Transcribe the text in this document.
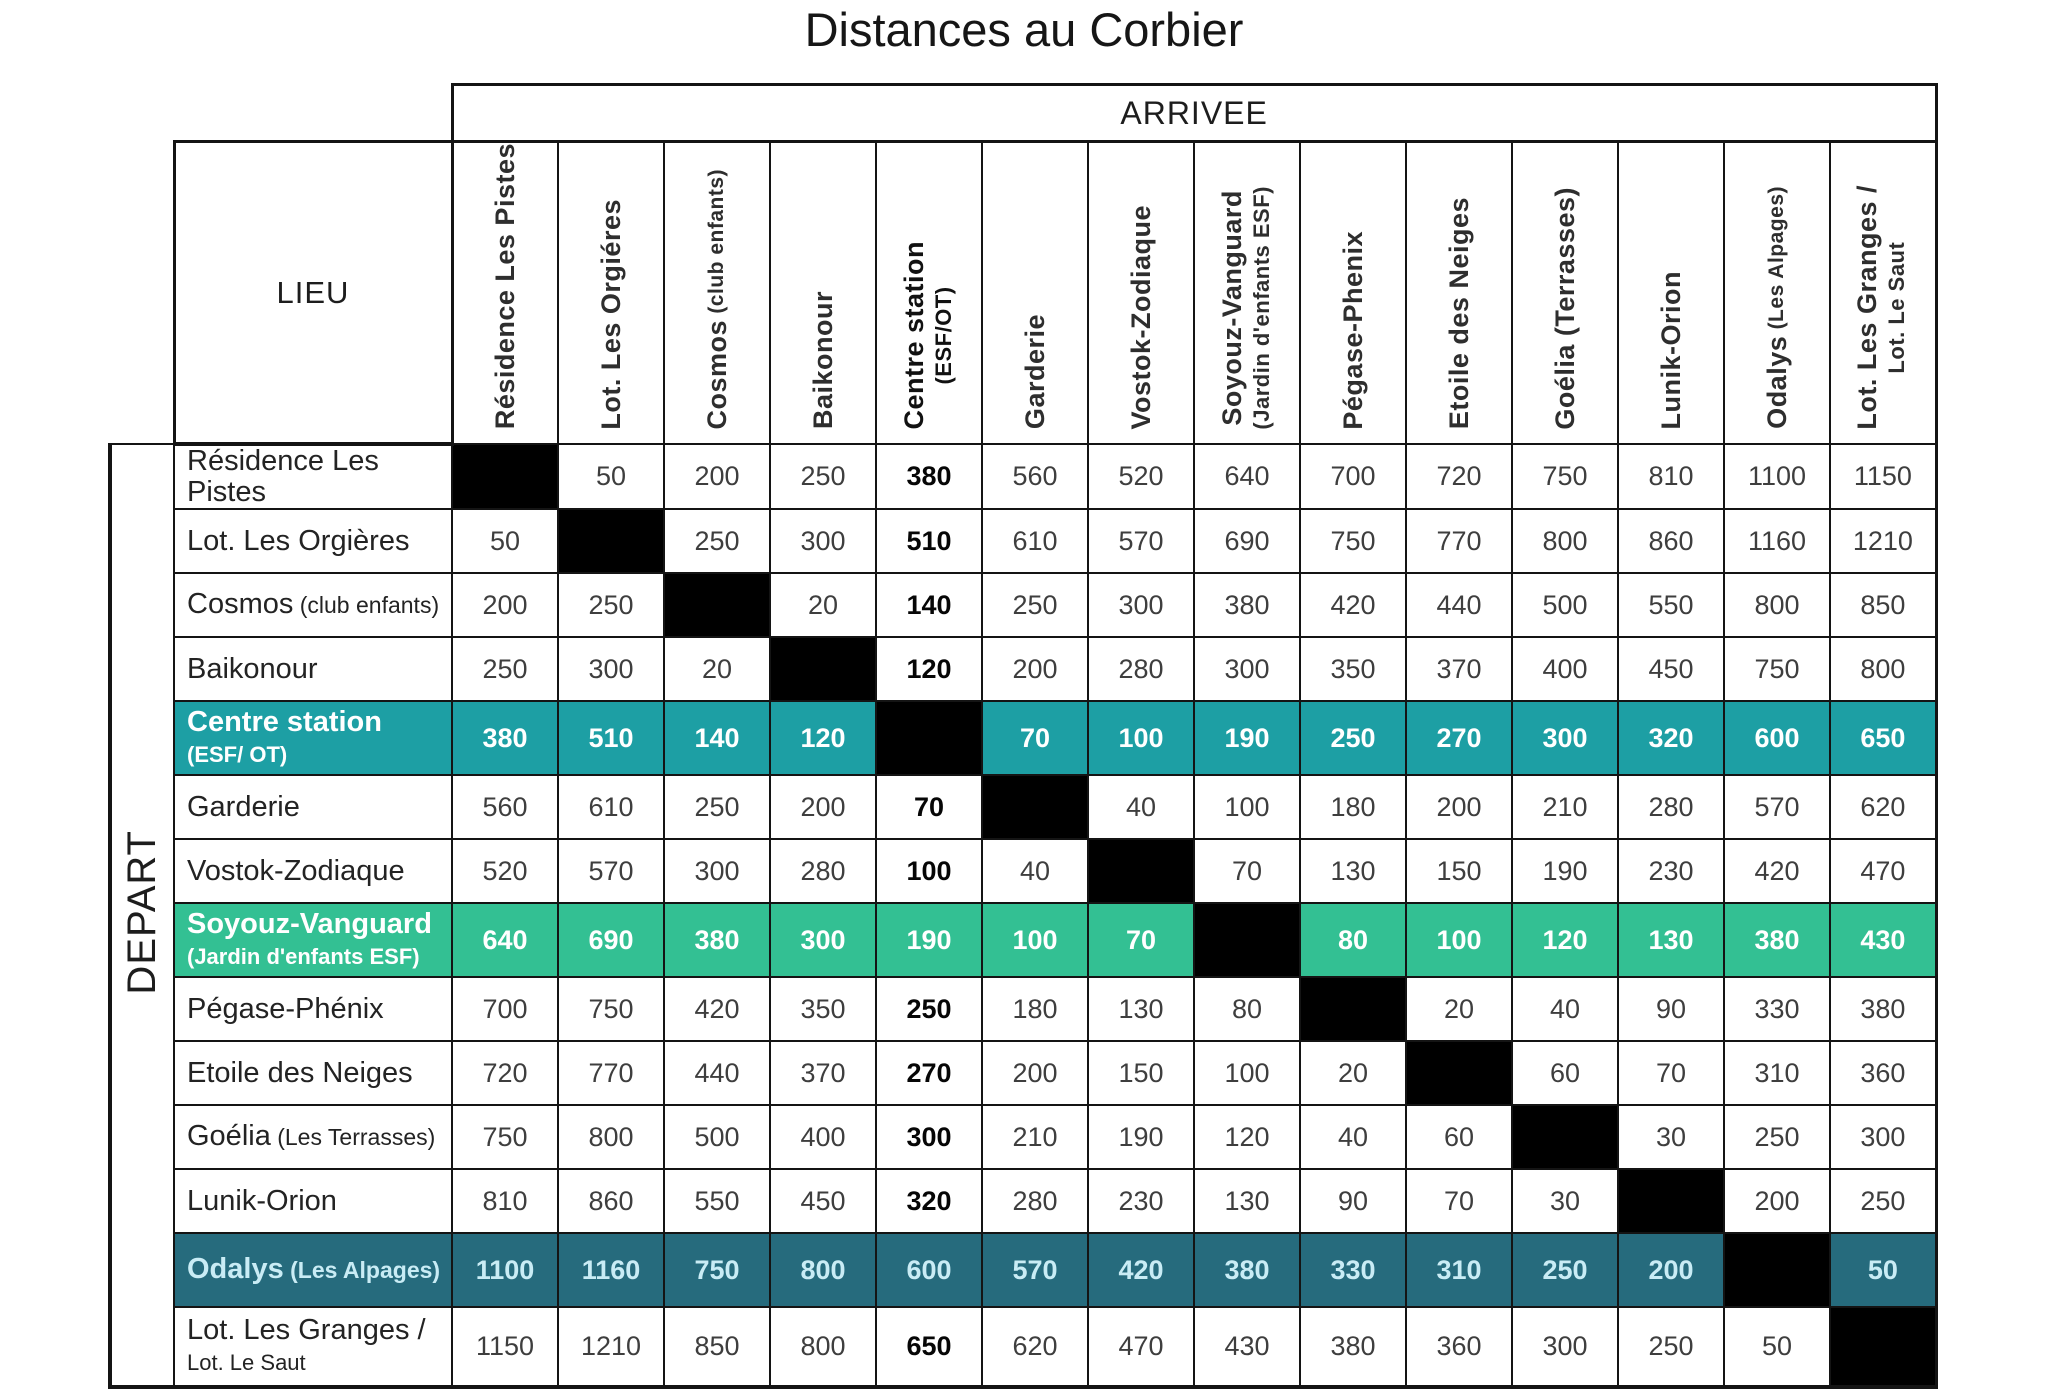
Distances au Corbier
		ARRIVEE													
	LIEU	Résidence Les Pistes	Lot. Les Orgiéres	Cosmos (club enfants)	Baikonour	Centre station
(ESF/OT)	Garderie	Vostok-Zodiaque	Soyouz-Vanguard
(Jardin d'enfants ESF)	Pégase-Phenix	Etoile des Neiges	Goélia (Terrasses)	Lunik-Orion	Odalys (Les Alpages)	Lot. Les Granges /
Lot. Le Saut
DEPART	Résidence Les Pistes		50	200	250	380	560	520	640	700	720	750	810	1100	1150
	Lot. Les Orgières	50		250	300	510	610	570	690	750	770	800	860	1160	1210
	Cosmos (club enfants)	200	250		20	140	250	300	380	420	440	500	550	800	850
	Baikonour	250	300	20		120	200	280	300	350	370	400	450	750	800
	Centre station
(ESF/ OT)	380	510	140	120		70	100	190	250	270	300	320	600	650
	Garderie	560	610	250	200	70		40	100	180	200	210	280	570	620
	Vostok-Zodiaque	520	570	300	280	100	40		70	130	150	190	230	420	470
	Soyouz-Vanguard
(Jardin d'enfants ESF)	640	690	380	300	190	100	70		80	100	120	130	380	430
	Pégase-Phénix	700	750	420	350	250	180	130	80		20	40	90	330	380
	Etoile des Neiges	720	770	440	370	270	200	150	100	20		60	70	310	360
	Goélia (Les Terrasses)	750	800	500	400	300	210	190	120	40	60		30	250	300
	Lunik-Orion	810	860	550	450	320	280	230	130	90	70	30		200	250
	Odalys (Les Alpages)	1100	1160	750	800	600	570	420	380	330	310	250	200		50
	Lot. Les Granges /
Lot. Le Saut	1150	1210	850	800	650	620	470	430	380	360	300	250	50	
